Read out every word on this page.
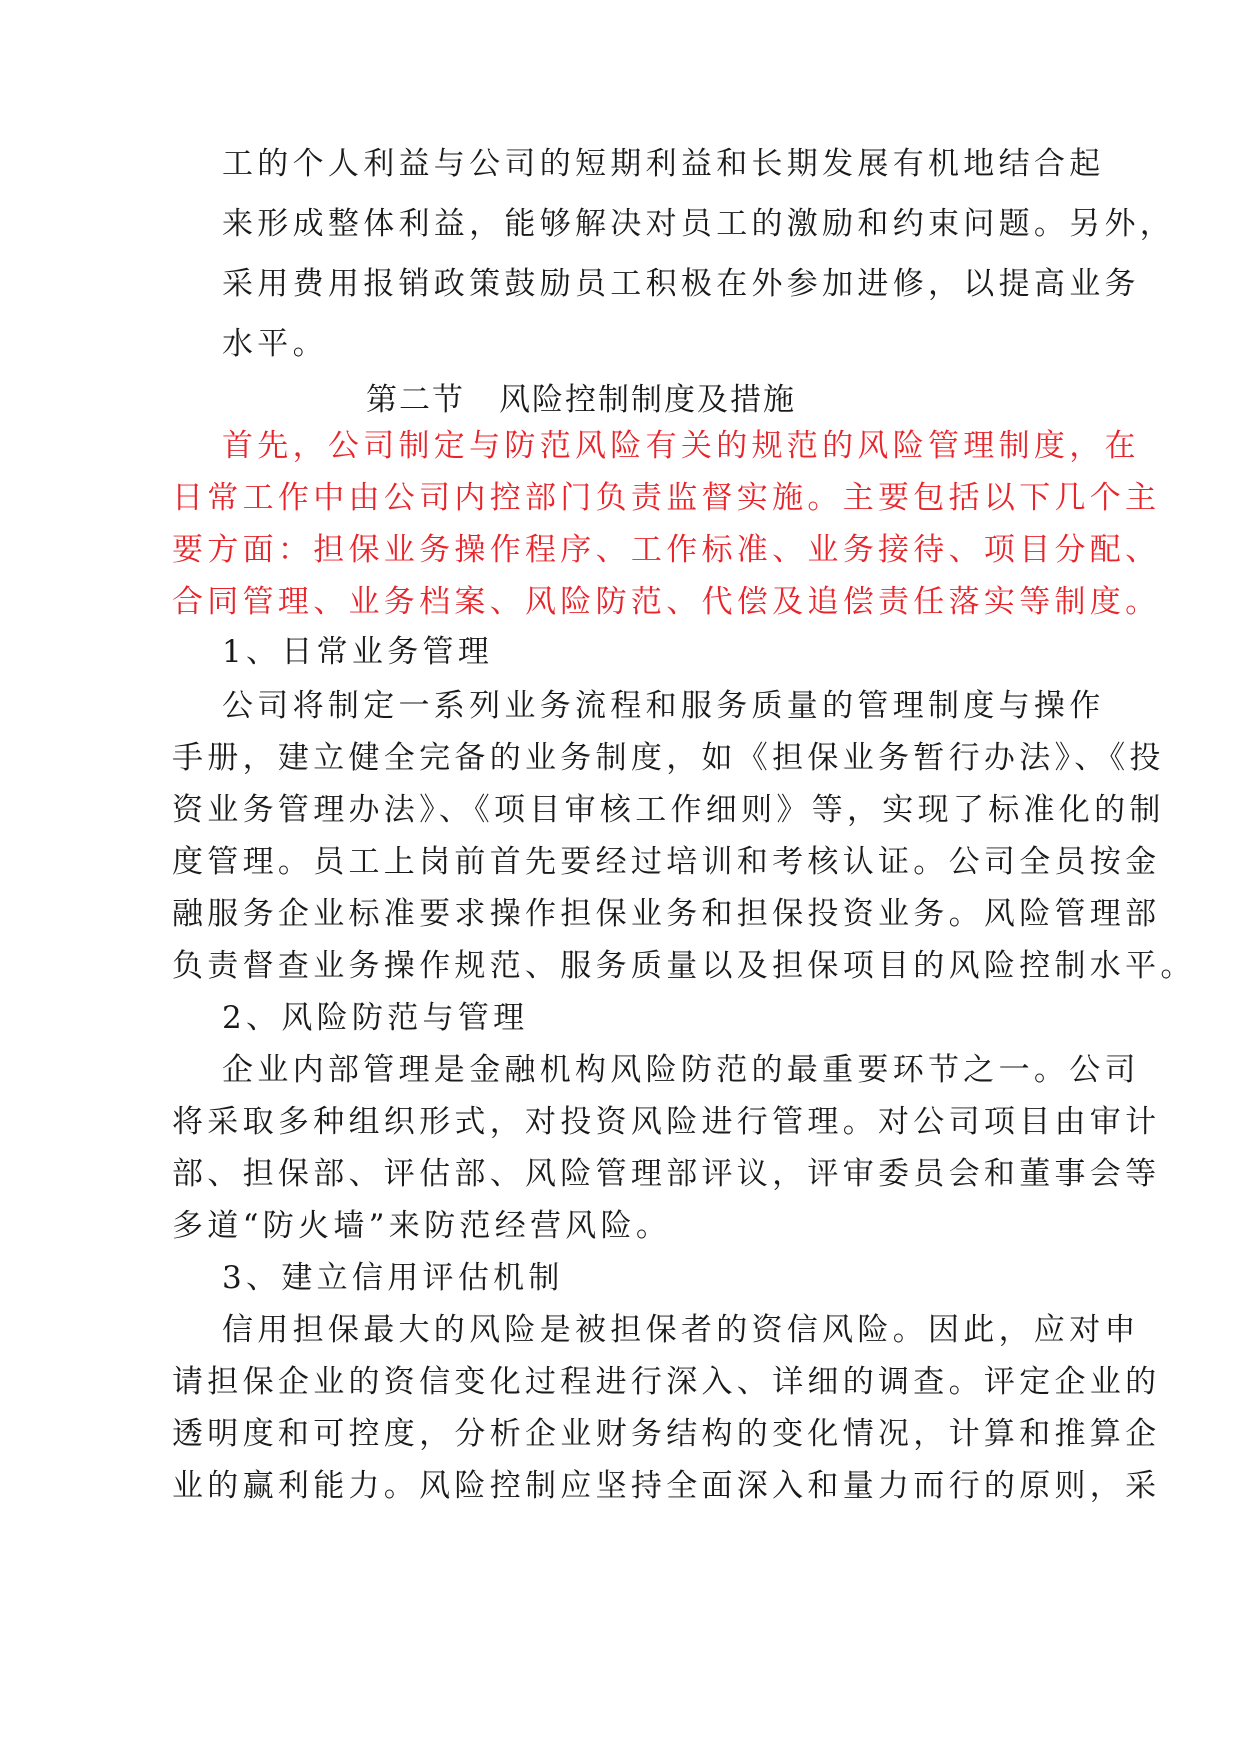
工的个人利益与公司的短期利益和长期发展有机地结合起
来形成整体利益，能够解决对员工的激励和约束问题。另外，
采用费用报销政策鼓励员工积极在外参加进修，以提高业务
水平。
第二节 风险控制制度及措施
首先，公司制定与防范风险有关的规范的风险管理制度，在
日常工作中由公司内控部门负责监督实施。主要包括以下几个主
要方面：担保业务操作程序、工作标准、业务接待、项目分配、
合同管理、业务档案、风险防范、代偿及追偿责任落实等制度。
1、日常业务管理
公司将制定一系列业务流程和服务质量的管理制度与操作
手册，建立健全完备的业务制度，如《担保业务暂行办法》、《投
资业务管理办法》、《项目审核工作细则》等，实现了标准化的制
度管理。员工上岗前首先要经过培训和考核认证。公司全员按金
融服务企业标准要求操作担保业务和担保投资业务。风险管理部
负责督查业务操作规范、服务质量以及担保项目的风险控制水平。
2、风险防范与管理
企业内部管理是金融机构风险防范的最重要环节之一。公司
将采取多种组织形式，对投资风险进行管理。对公司项目由审计
部、担保部、评估部、风险管理部评议，评审委员会和董事会等
多道“防火墙”来防范经营风险。
3、建立信用评估机制
信用担保最大的风险是被担保者的资信风险。因此，应对申
请担保企业的资信变化过程进行深入、详细的调查。评定企业的
透明度和可控度，分析企业财务结构的变化情况，计算和推算企
业的赢利能力。风险控制应坚持全面深入和量力而行的原则，采
